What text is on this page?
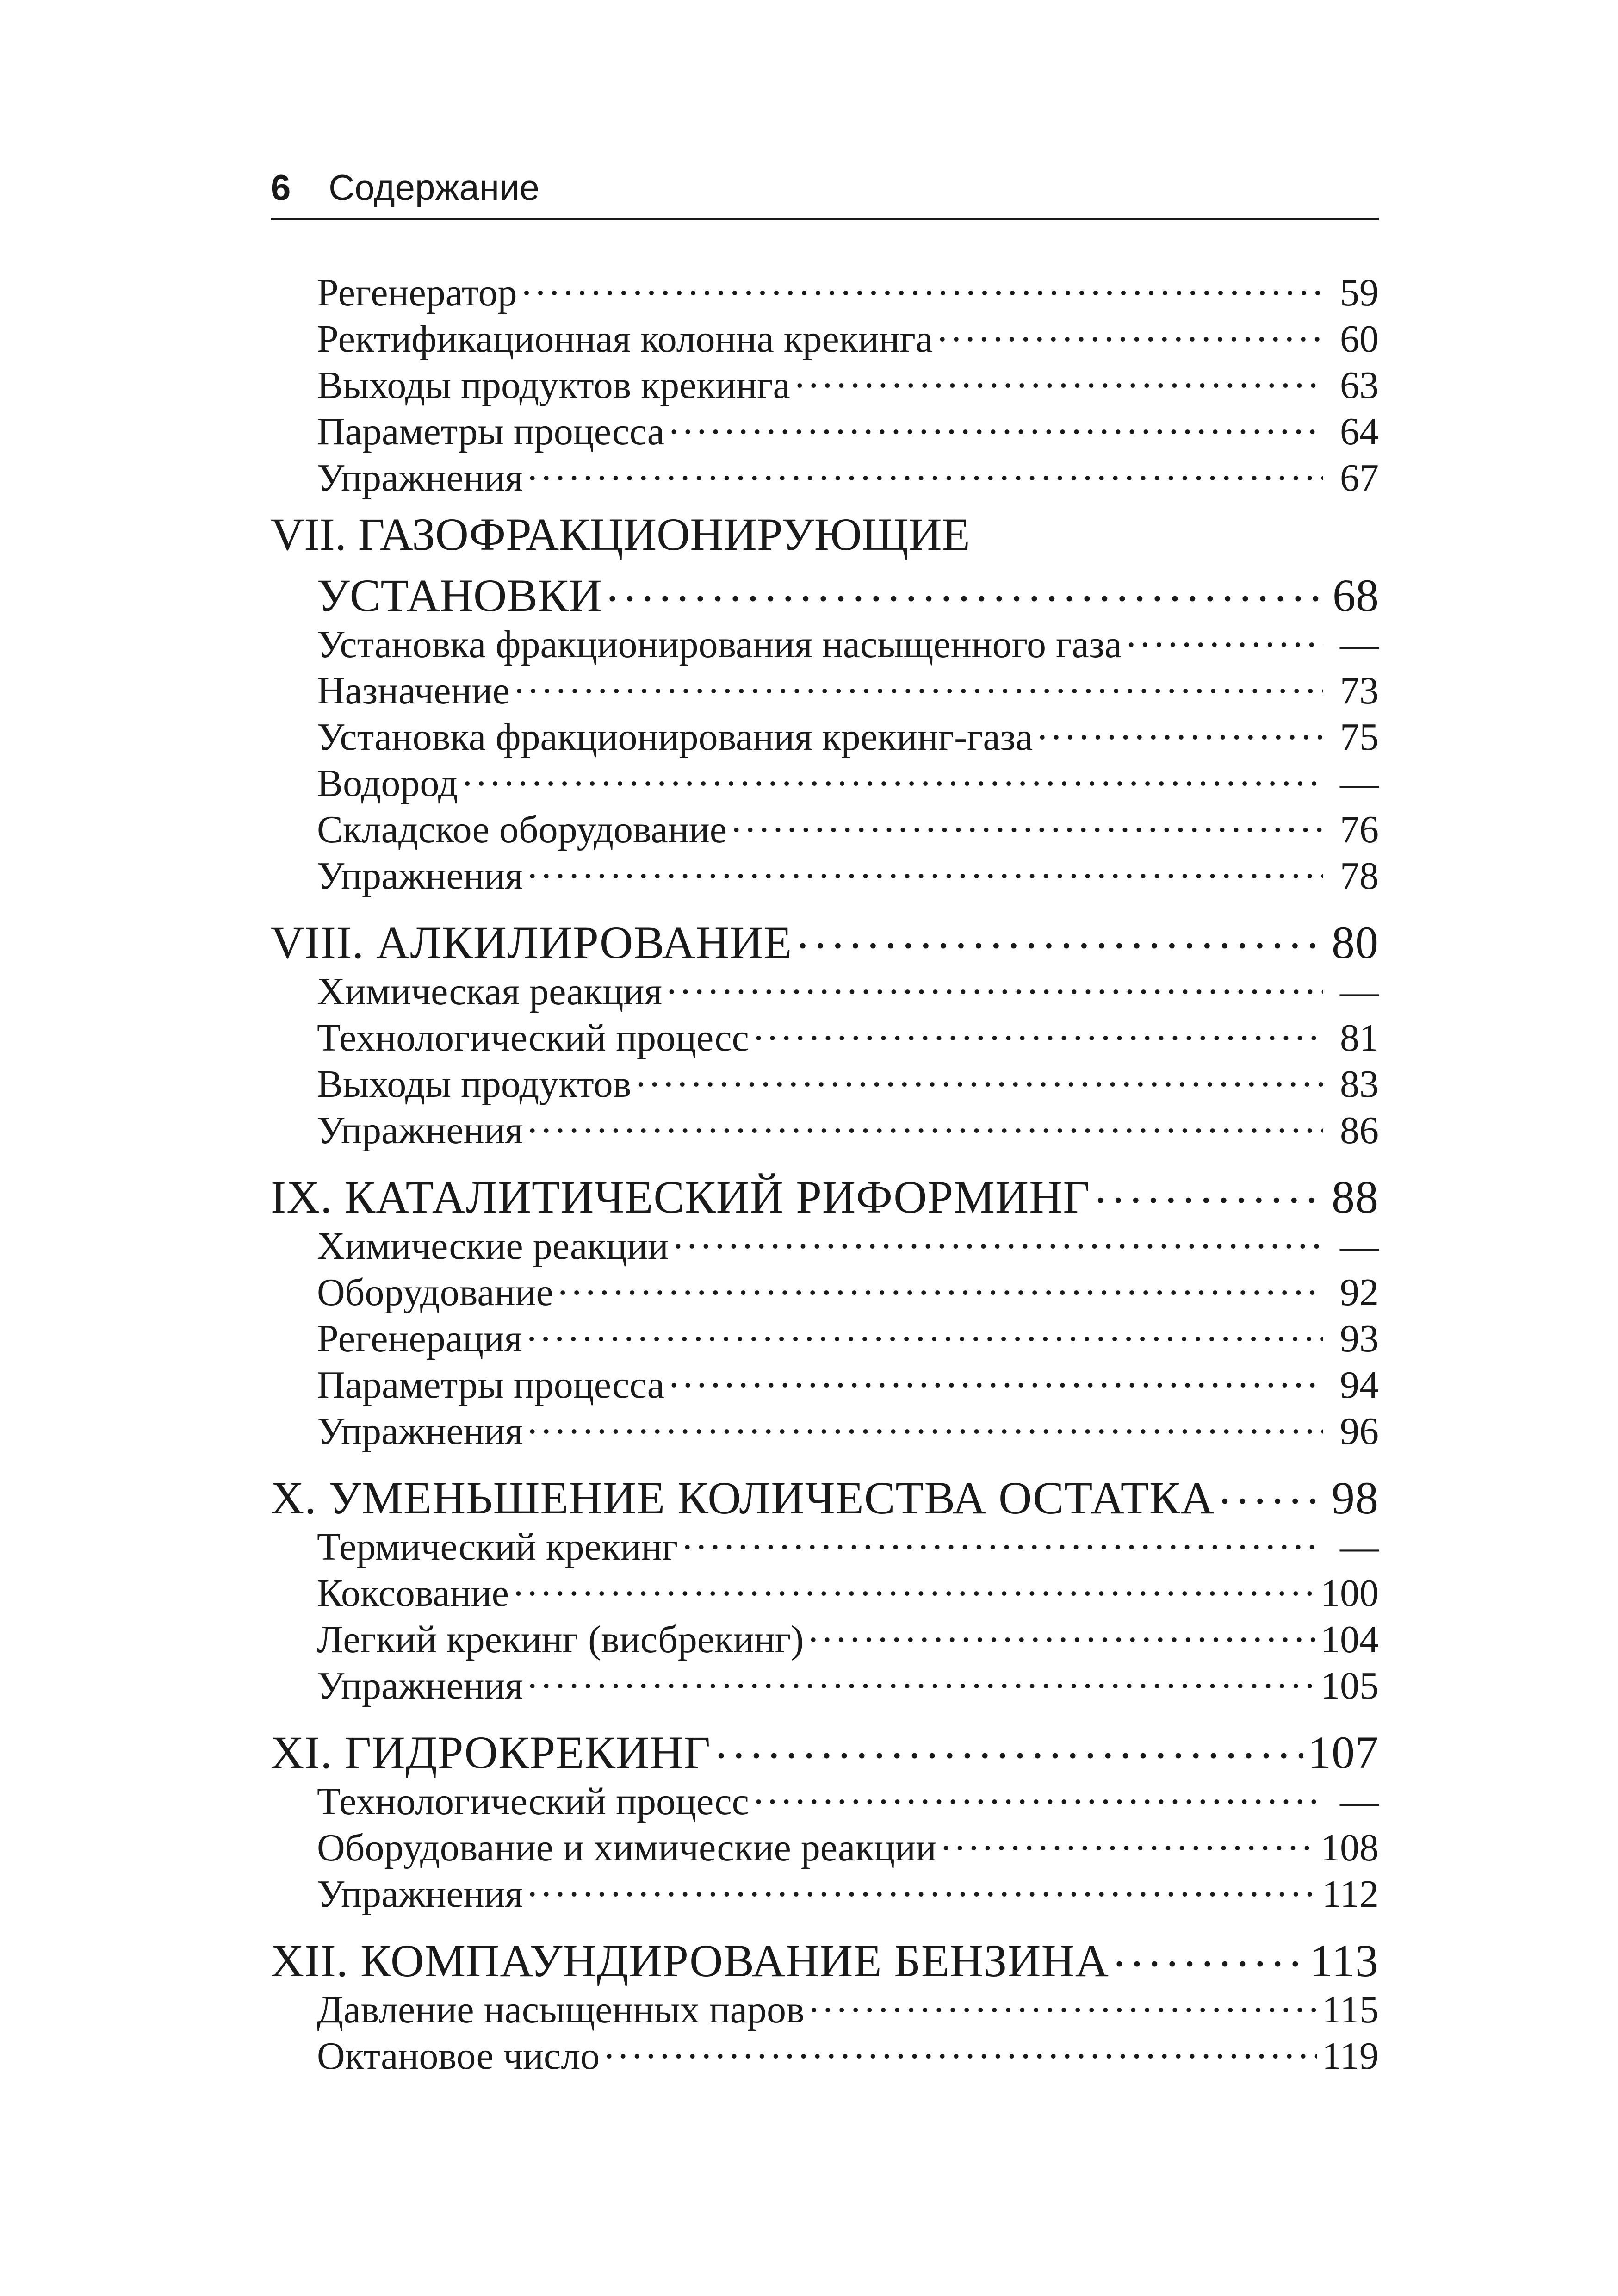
6 Содержание
Регенератор . . .	59
Ректификационная колонна крекинга . . .	60
Выходы продуктов крекинга . . .	63
Параметры процесса . . .	64
Упражнения . . .	67
VII. ГАЗОФРАКЦИОНИРУЮЩИЕ
УСТАНОВКИ . . .	68
Установка фракционирования насыщенного газа . . .	—
Назначение . . .	73
Установка фракционирования крекинг-газа . . .	75
Водород . . .	—
Складское оборудование . . .	76
Упражнения . . .	78
VIII. АЛКИЛИРОВАНИЕ . . .	80
Химическая реакция . . .	—
Технологический процесс . . .	81
Выходы продуктов . . .	83
Упражнения . . .	86
IX. КАТАЛИТИЧЕСКИЙ РИФОРМИНГ . . .	88
Химические реакции . . .	—
Оборудование . . .	92
Регенерация . . .	93
Параметры процесса . . .	94
Упражнения . . .	96
X. УМЕНЬШЕНИЕ КОЛИЧЕСТВА ОСТАТКА . . .	98
Термический крекинг . . .	—
Коксование . . .	100
Легкий крекинг (висбрекинг) . . .	104
Упражнения . . .	105
XI. ГИДРОКРЕКИНГ . . .	107
Технологический процесс . . .	—
Оборудование и химические реакции . . .	108
Упражнения . . .	112
XII. КОМПАУНДИРОВАНИЕ БЕНЗИНА . . .	113
Давление насыщенных паров . . .	115
Октановое число . . .	119
